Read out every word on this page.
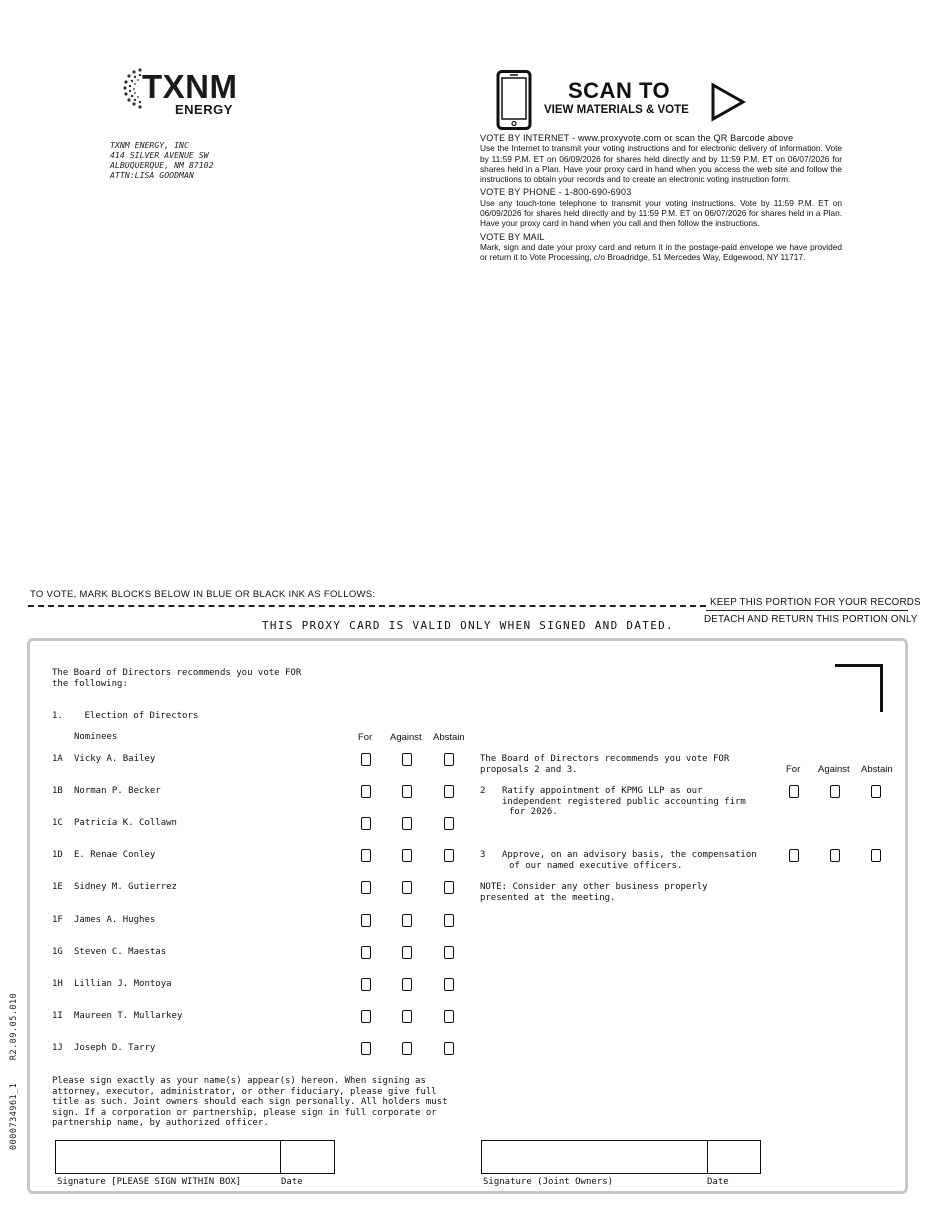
TXNM
ENERGY
TXNM ENERGY, INC
414 SILVER AVENUE SW
ALBUQUERQUE, NM 87102
ATTN:LISA GOODMAN
SCAN TO
VIEW MATERIALS & VOTE
VOTE BY INTERNET - www.proxyvote.com or scan the QR Barcode above
Use the Internet to transmit your voting instructions and for electronic delivery of information. Vote by 11:59 P.M. ET on 06/09/2026 for shares held directly and by 11:59 P.M. ET on 06/07/2026 for shares held in a Plan. Have your proxy card in hand when you access the web site and follow the instructions to obtain your records and to create an electronic voting instruction form.
VOTE BY PHONE - 1-800-690-6903
Use any touch-tone telephone to transmit your voting instructions. Vote by 11:59 P.M. ET on 06/09/2026 for shares held directly and by 11:59 P.M. ET on 06/07/2026 for shares held in a Plan. Have your proxy card in hand when you call and then follow the instructions.
VOTE BY MAIL
Mark, sign and date your proxy card and return it in the postage-paid envelope we have provided or return it to Vote Processing, c/o Broadridge, 51 Mercedes Way, Edgewood, NY 11717.
TO VOTE, MARK BLOCKS BELOW IN BLUE OR BLACK INK AS FOLLOWS:
KEEP THIS PORTION FOR YOUR RECORDS
DETACH AND RETURN THIS PORTION ONLY
THIS PROXY CARD IS VALID ONLY WHEN SIGNED AND DATED.
The Board of Directors recommends you vote FOR
the following:
1.    Election of Directors
Nominees	For Against Abstain
1A Vicky A. Bailey
1B Norman P. Becker
1C Patricia K. Collawn
1D E. Renae Conley
1E Sidney M. Gutierrez
1F James A. Hughes
1G Steven C. Maestas
1H Lillian J. Montoya
1I Maureen T. Mullarkey
1J Joseph D. Tarry
The Board of Directors recommends you vote FOR
proposals 2 and 3.	For Against Abstain
2 Ratify appointment of KPMG LLP as our
independent registered public accounting firm
for 2026.
3 Approve, on an advisory basis, the compensation
of our named executive officers.
NOTE: Consider any other business properly
presented at the meeting.
Please sign exactly as your name(s) appear(s) hereon. When signing as
attorney, executor, administrator, or other fiduciary, please give full
title as such. Joint owners should each sign personally. All holders must
sign. If a corporation or partnership, please sign in full corporate or
partnership name, by authorized officer.
Signature [PLEASE SIGN WITHIN BOX]	Date	Signature (Joint Owners)	Date
0000734961_1    R2.09.05.010
